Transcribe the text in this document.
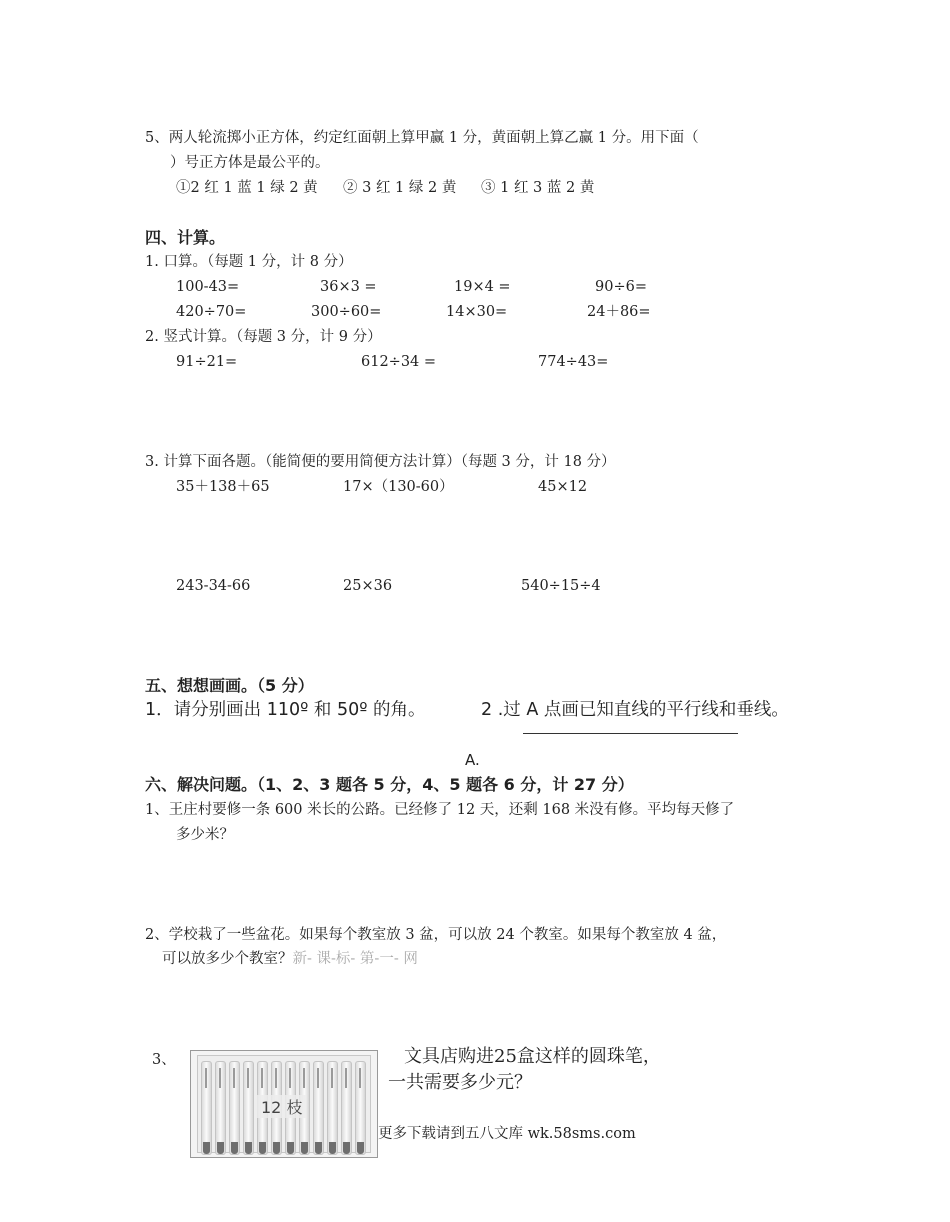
5、两人轮流掷小正方体，约定红面朝上算甲赢 1 分，黄面朝上算乙赢 1 分。用下面（
）号正方体是最公平的。
①2 红 1 蓝 1 绿 2 黄 ② 3 红 1 绿 2 黄 ③ 1 红 3 蓝 2 黄
四、计算。
1. 口算。（每题 1 分，计 8 分）
100-43=	36×3 =	19×4 =	90÷6=
420÷70=	300÷60=	14×30=	24＋86=
2. 竖式计算。（每题 3 分，计 9 分）
91÷21=	612÷34 =	774÷43=
3. 计算下面各题。（能简便的要用简便方法计算）（每题 3 分，计 18 分）
35＋138＋65	17×（130-60）	45×12
243-34-66	25×36	540÷15÷4
五、想想画画。（5 分）
1．请分别画出 110º 和 50º 的角。	2 .过 A 点画已知直线的平行线和垂线。
A.
六、解决问题。（1、2、3 题各 5 分，4、5 题各 6 分，计 27 分）
1、王庄村要修一条 600 米长的公路。已经修了 12 天，还剩 168 米没有修。平均每天修了
多少米？
2、学校栽了一些盆花。如果每个教室放 3 盆，可以放 24 个教室。如果每个教室放 4 盆，
可以放多少个教室？新- 课-标- 第-一- 网
3、
12 枝
文具店购进25盒这样的圆珠笔，
一共需要多少元？
更多下载请到五八文库 wk.58sms.com
